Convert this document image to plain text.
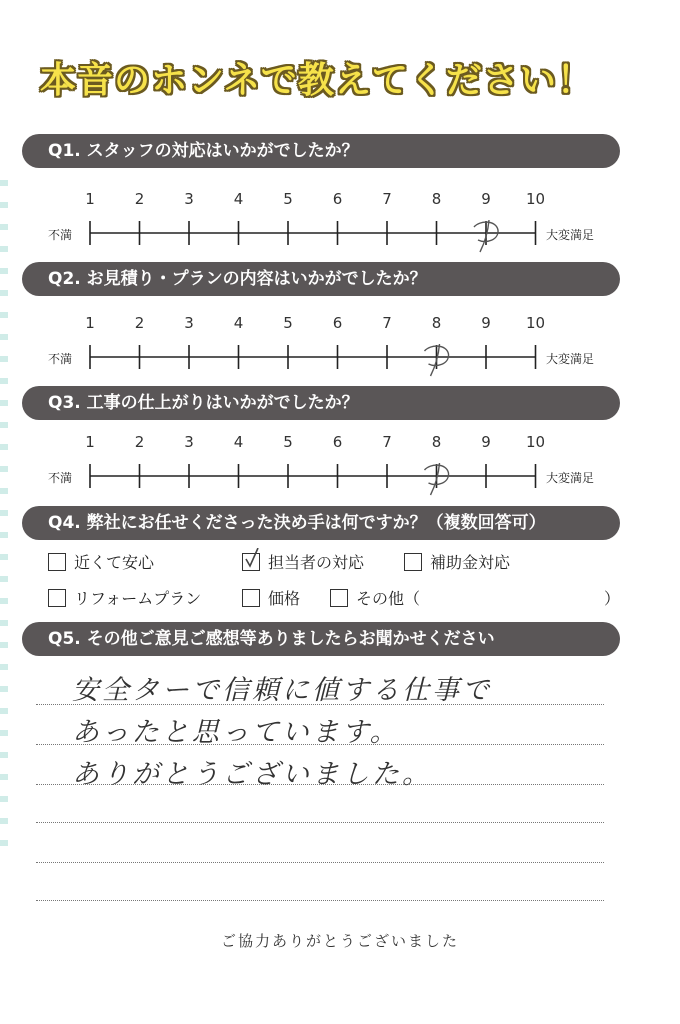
本音のホンネで教えてください！
Q1. スタッフの対応はいかがでしたか？
1	2	3	4	5	6	7	8	9	10
不満	大変満足
Q2. お見積り・プランの内容はいかがでしたか？
1	2	3	4	5	6	7	8	9	10
不満	大変満足
Q3. 工事の仕上がりはいかがでしたか？
1	2	3	4	5	6	7	8	9	10
不満	大変満足
Q4. 弊社にお任せくださった決め手は何ですか？（複数回答可）
近くて安心	担当者の対応	補助金対応
リフォームプラン	価格	その他（	）
Q5. その他ご意見ご感想等ありましたらお聞かせください
安全ターで信頼に値する仕事で
あったと思っています。
ありがとうございました。
ご協力ありがとうございました
